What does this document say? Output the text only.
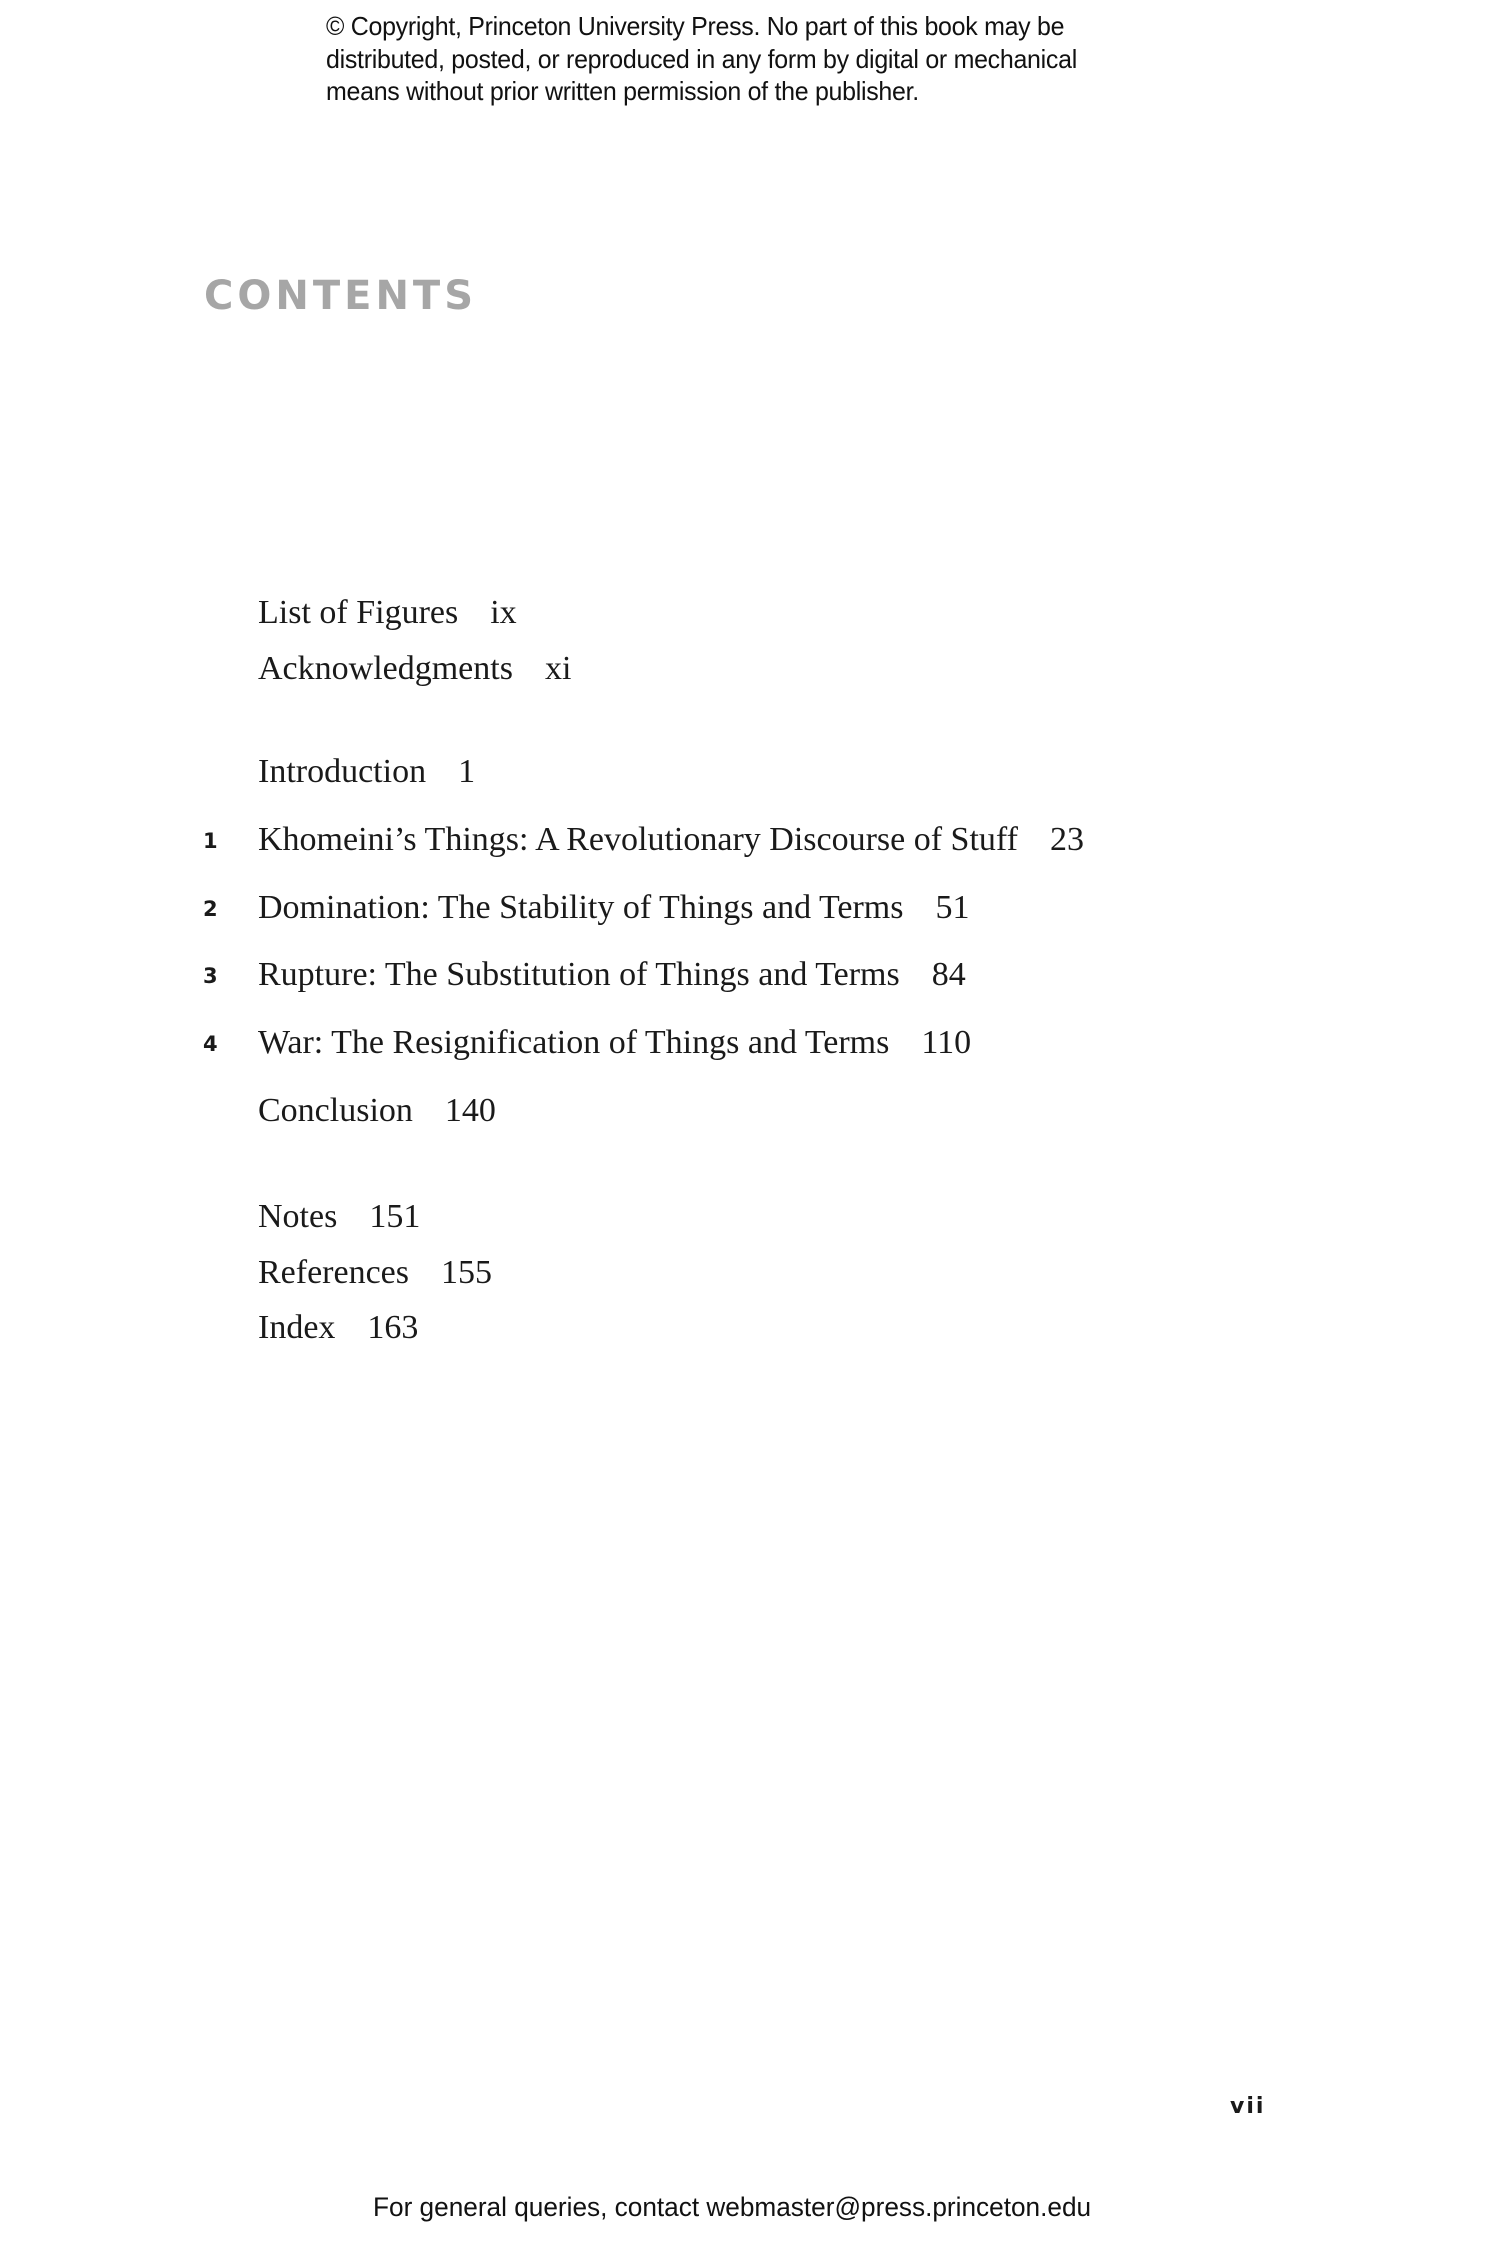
© Copyright, Princeton University Press. No part of this book may be
distributed, posted, or reproduced in any form by digital or mechanical
means without prior written permission of the publisher.
CONTENTS
List of Figures ix
Acknowledgments xi
Introduction 1
1 Khomeini’s Things: A Revolutionary Discourse of Stuff 23
2 Domination: The Stability of Things and Terms 51
3 Rupture: The Substitution of Things and Terms 84
4 War: The Resignification of Things and Terms 110
Conclusion 140
Notes 151
References 155
Index 163
vii
For general queries, contact webmaster@press.princeton.edu
